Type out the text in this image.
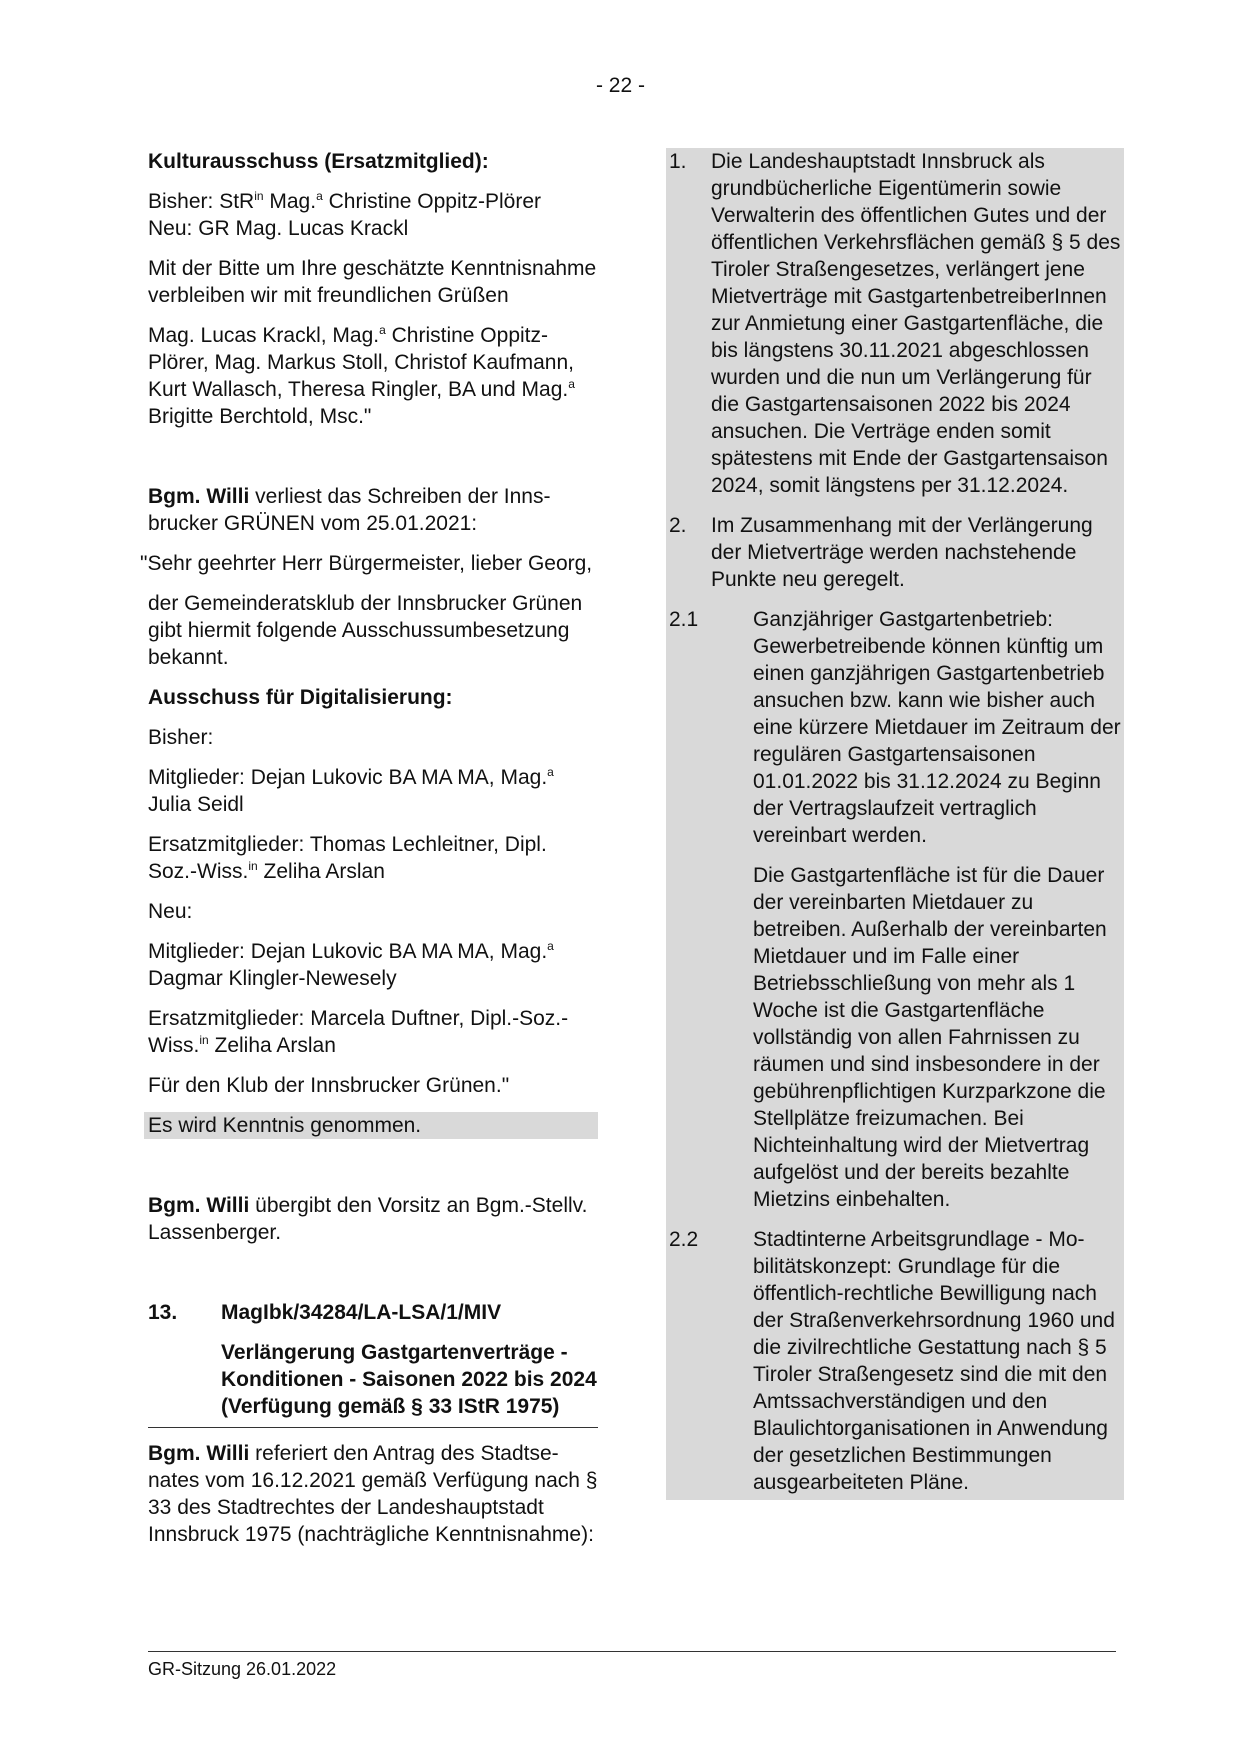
- 22 -

Kulturausschuss (Ersatzmitglied):

Bisher: StR$^{in}$ Mag.$^a$ Christine Oppitz-Plörer
Neu: GR Mag. Lucas Krackl

Mit der Bitte um Ihre geschätzte Kenntnisnahme verbleiben wir mit freundlichen Grüßen

Mag. Lucas Krackl, Mag.$^a$ Christine Oppitz-Plörer, Mag. Markus Stoll, Christof Kaufmann, Kurt Wallasch, Theresa Ringler, BA und Mag.$^a$ Brigitte Berchtold, Msc."

Bgm. Willi verliest das Schreiben der Innsbrucker GRÜNEN vom 25.01.2021:

"Sehr geehrter Herr Bürgermeister, lieber Georg,

der Gemeinderatsklub der Innsbrucker Grünen gibt hiermit folgende Ausschussumbesetzung bekannt.

Ausschuss für Digitalisierung:

Bisher:

Mitglieder: Dejan Lukovic BA MA MA, Mag.$^a$ Julia Seidl

Ersatzmitglieder: Thomas Lechleitner, Dipl. Soz.-Wiss.$^{in}$ Zeliha Arslan

Neu:

Mitglieder: Dejan Lukovic BA MA MA, Mag.$^a$ Dagmar Klingler-Newesely

Ersatzmitglieder: Marcela Duftner, Dipl.-Soz.-Wiss.$^{in}$ Zeliha Arslan

Für den Klub der Innsbrucker Grünen."

Es wird Kenntnis genommen.

Bgm. Willi übergibt den Vorsitz an Bgm.-Stellv. Lassenberger.

13.	MagIbk/34284/LA-LSA/1/MIV

Verlängerung Gastgartenverträge - Konditionen - Saisonen 2022 bis 2024 (Verfügung gemäß § 33 IStR 1975)

Bgm. Willi referiert den Antrag des Stadtsenates vom 16.12.2021 gemäß Verfügung nach § 33 des Stadtrechtes der Landeshauptstadt Innsbruck 1975 (nachträgliche Kenntnisnahme):

1.	Die Landeshauptstadt Innsbruck als grundbücherliche Eigentümerin sowie Verwalterin des öffentlichen Gutes und der öffentlichen Verkehrsflächen gemäß § 5 des Tiroler Straßengesetzes, verlängert jene Mietverträge mit GastgartenbetreiberInnen zur Anmietung einer Gastgartenfläche, die bis längstens 30.11.2021 abgeschlossen wurden und die nun um Verlängerung für die Gastgartensaisonen 2022 bis 2024 ansuchen. Die Verträge enden somit spätestens mit Ende der Gastgartensaison 2024, somit längstens per 31.12.2024.
2.	Im Zusammenhang mit der Verlängerung der Mietverträge werden nachstehende Punkte neu geregelt.
2.1	Ganzjähriger Gastgartenbetrieb: Gewerbetreibende können künftig um einen ganzjährigen Gastgartenbetrieb ansuchen bzw. kann wie bisher auch eine kürzere Mietdauer im Zeitraum der regulären Gastgartensaisonen 01.01.2022 bis 31.12.2024 zu Beginn der Vertragslaufzeit vertraglich vereinbart werden.
Die Gastgartenfläche ist für die Dauer der vereinbarten Mietdauer zu betreiben. Außerhalb der vereinbarten Mietdauer und im Falle einer Betriebsschließung von mehr als 1 Woche ist die Gastgartenfläche vollständig von allen Fahrnissen zu räumen und sind insbesondere in der gebührenpflichtigen Kurzparkzone die Stellplätze freizumachen. Bei Nichteinhaltung wird der Mietvertrag aufgelöst und der bereits bezahlte Mietzins einbehalten.
2.2	Stadtinterne Arbeitsgrundlage - Mobilitätskonzept: Grundlage für die öffentlich-rechtliche Bewilligung nach der Straßenverkehrsordnung 1960 und die zivilrechtliche Gestattung nach § 5 Tiroler Straßengesetz sind die mit den Amtssachverständigen und den Blaulichtorganisationen in Anwendung der gesetzlichen Bestimmungen ausgearbeiteten Pläne.
GR-Sitzung 26.01.2022
